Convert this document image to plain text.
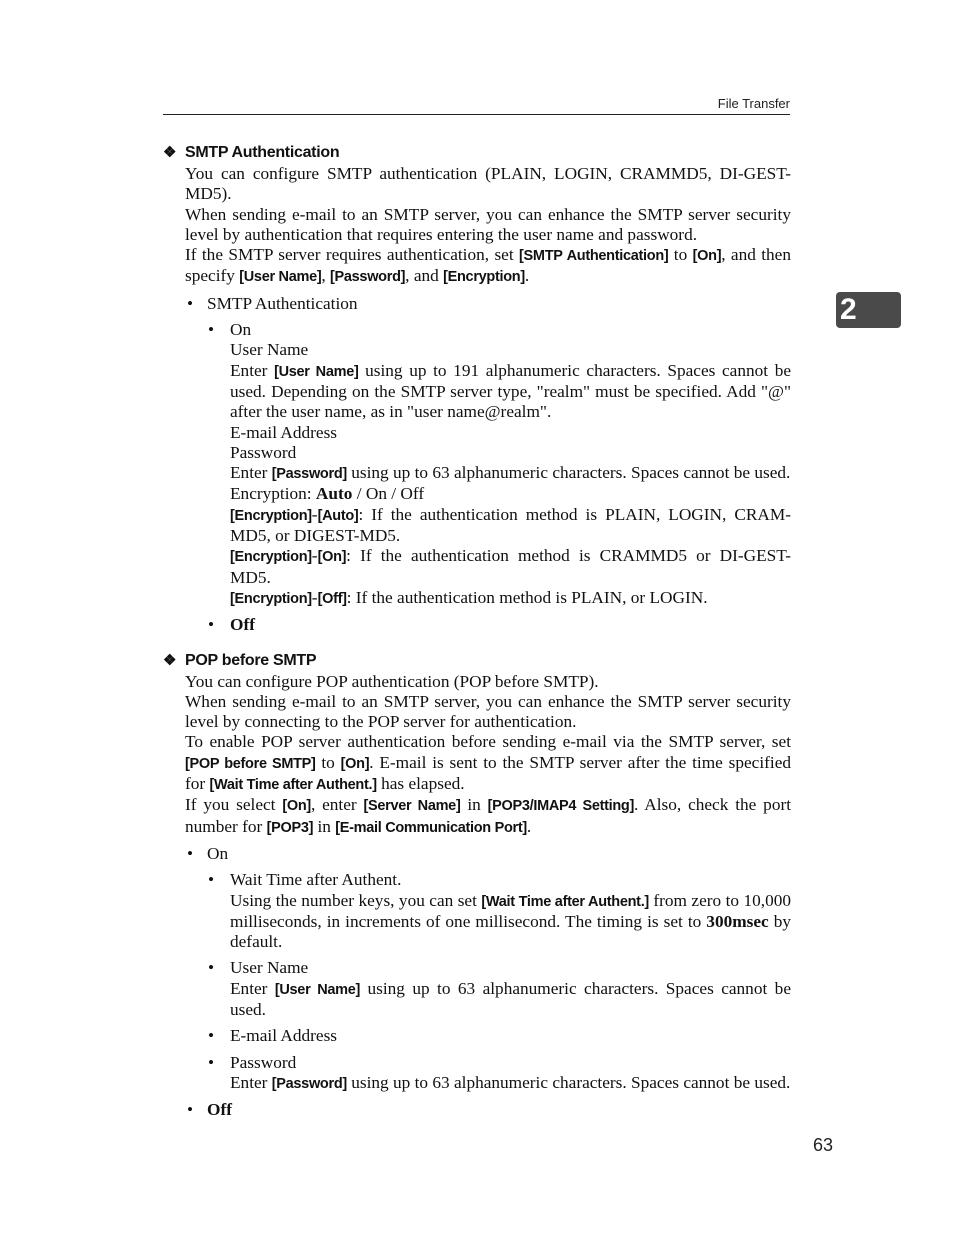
File Transfer
2
❖ SMTP Authentication

You can configure SMTP authentication (PLAIN, LOGIN, CRAMMD5, DI-GEST-MD5).

When sending e-mail to an SMTP server, you can enhance the SMTP server security level by authentication that requires entering the user name and password.

If the SMTP server requires authentication, set [SMTP Authentication] to [On], and then specify [User Name], [Password], and [Encryption].

• SMTP Authentication
• On
User Name
Enter [User Name] using up to 191 alphanumeric characters. Spaces cannot be used. Depending on the SMTP server type, "realm" must be specified. Add "@" after the user name, as in "user name@realm".
E-mail Address
Password
Enter [Password] using up to 63 alphanumeric characters. Spaces cannot be used.
Encryption: Auto / On / Off
[Encryption]-[Auto]: If the authentication method is PLAIN, LOGIN, CRAM-MD5, or DIGEST-MD5.
[Encryption]-[On]: If the authentication method is CRAMMD5 or DI-GEST-MD5.
[Encryption]-[Off]: If the authentication method is PLAIN, or LOGIN.
• Off
❖ POP before SMTP

You can configure POP authentication (POP before SMTP).

When sending e-mail to an SMTP server, you can enhance the SMTP server security level by connecting to the POP server for authentication.

To enable POP server authentication before sending e-mail via the SMTP server, set [POP before SMTP] to [On]. E-mail is sent to the SMTP server after the time specified for [Wait Time after Authent.] has elapsed.

If you select [On], enter [Server Name] in [POP3/IMAP4 Setting]. Also, check the port number for [POP3] in [E-mail Communication Port].

• On
• Wait Time after Authent.
Using the number keys, you can set [Wait Time after Authent.] from zero to 10,000 milliseconds, in increments of one millisecond. The timing is set to 300msec by default.
• User Name
Enter [User Name] using up to 63 alphanumeric characters. Spaces cannot be used.
• E-mail Address
• Password
Enter [Password] using up to 63 alphanumeric characters. Spaces cannot be used.
• Off
63
